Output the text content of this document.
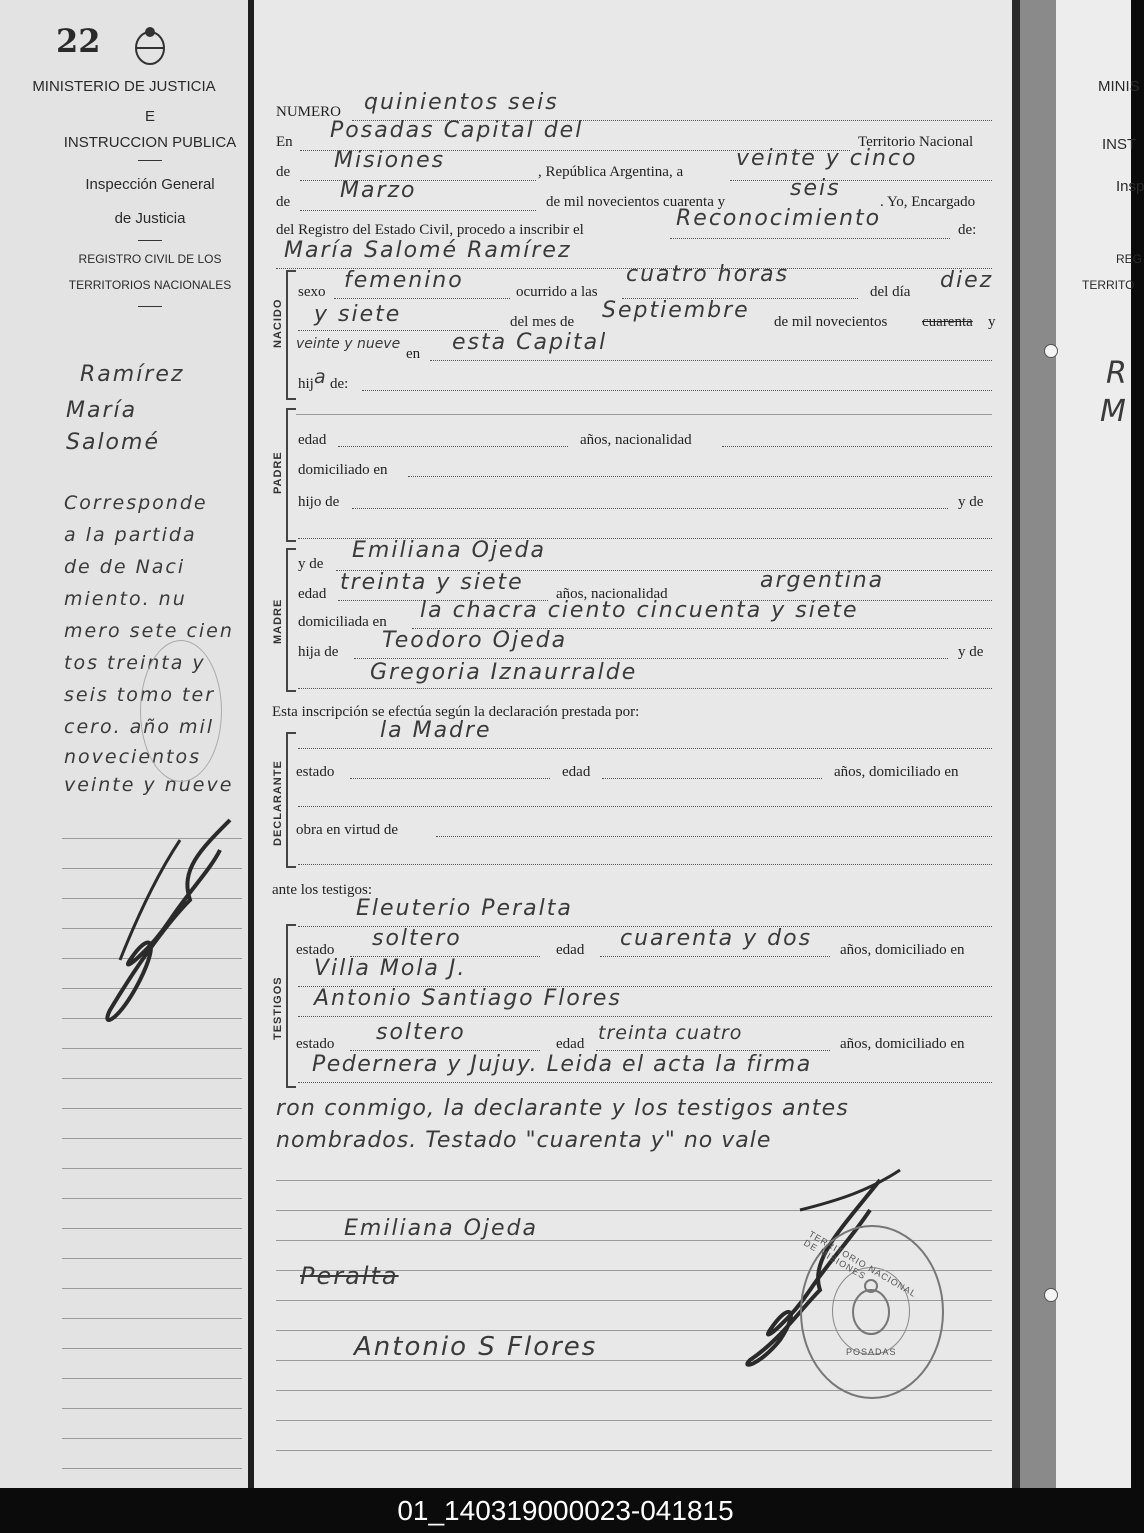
22
MINISTERIO DE JUSTICIA
E
INSTRUCCION PUBLICA
Inspección General
de Justicia
REGISTRO CIVIL DE LOS
TERRITORIOS NACIONALES
Ramírez
María
Salomé
Corresponde
a la partida
de de Naci
miento. nu
mero sete cien
tos treinta y
seis tomo ter
cero. año mil
novecientos
veinte y nueve
NUMERO quinientos seis
En Posadas Capital del	Territorio Nacional
de Misiones	, República Argentina, a
veinte y cinco
de Marzo	de mil novecientos cuarenta y
seis
. Yo, Encargado
del Registro del Estado Civil, procedo a inscribir el	Reconocimiento	de:
María Salomé Ramírez
NACIDO
sexo femenino	ocurrido a las
cuatro horas
del día diez
y siete	del mes de Septiembre de mil novecientos cuarenta y
veinte y nueve
en esta Capital
hij a de:
PADRE
edad	años, nacionalidad
domiciliado en
hijo de	y de
MADRE
y de
Emiliana Ojeda
edad treinta y siete años, nacionalidad
argentina
domiciliada en la chacra ciento cincuenta y siete
hija de Teodoro Ojeda	y de
Gregoria Iznaurralde
Esta inscripción se efectúa según la declaración prestada por:
DECLARANTE
la Madre
estado	edad	años, domiciliado en
obra en virtud de
ante los testigos:
TESTIGOS
Eleuterio Peralta
estado soltero	edad cuarenta y dos años, domiciliado en
Villa Mola J.
Antonio Santiago Flores
estado soltero	edad treinta cuatro	años, domiciliado en
Pedernera y Jujuy. Leida el acta la firma
ron conmigo, la declarante y los testigos antes
nombrados. Testado "cuarenta y" no vale
Emiliana Ojeda
Peralta
Antonio S Flores
TERRITORIO NACIONAL DE MISIONES
POSADAS
MINIS
INST
Insp
REG
TERRITO
R
M
01_140319000023-041815
